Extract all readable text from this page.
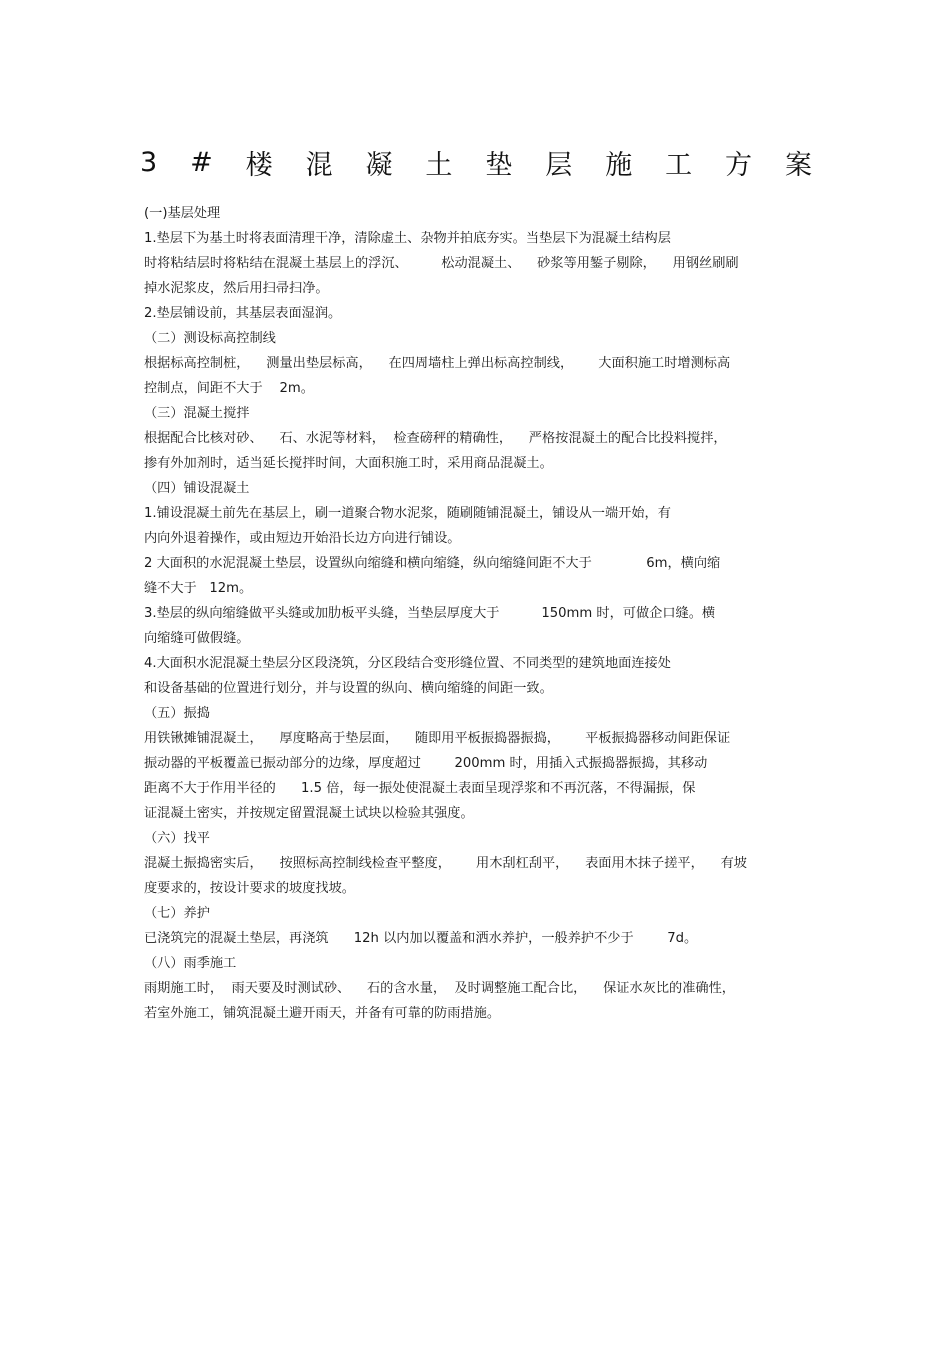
3 # 楼 混 凝 土 垫 层 施 工 方 案
(一)基层处理
1.垫层下为基土时将表面清理干净，清除虚土、杂物并拍底夯实。当垫层下为混凝土结构层
时将粘结层时将粘结在混凝土基层上的浮沉、        松动混凝土、    砂浆等用錾子剔除，    用钢丝刷刷
掉水泥浆皮，然后用扫帚扫净。
2.垫层铺设前，其基层表面湿润。
（二）测设标高控制线
根据标高控制桩，    测量出垫层标高，    在四周墙柱上弹出标高控制线，      大面积施工时增测标高
控制点，间距不大于    2m。
（三）混凝土搅拌
根据配合比核对砂、    石、水泥等材料，  检查磅秤的精确性，    严格按混凝土的配合比投料搅拌，
掺有外加剂时，适当延长搅拌时间，大面积施工时，采用商品混凝土。
（四）铺设混凝土
1.铺设混凝土前先在基层上，刷一道聚合物水泥浆，随刷随铺混凝土，铺设从一端开始，有
内向外退着操作，或由短边开始沿长边方向进行铺设。
2 大面积的水泥混凝土垫层，设置纵向缩缝和横向缩缝，纵向缩缝间距不大于             6m，横向缩
缝不大于   12m。
3.垫层的纵向缩缝做平头缝或加肋板平头缝，当垫层厚度大于          150mm 时，可做企口缝。横
向缩缝可做假缝。
4.大面积水泥混凝土垫层分区段浇筑，分区段结合变形缝位置、不同类型的建筑地面连接处
和设备基础的位置进行划分，并与设置的纵向、横向缩缝的间距一致。
（五）振捣
用铁锹摊铺混凝土，    厚度略高于垫层面，    随即用平板振捣器振捣，      平板振捣器移动间距保证
振动器的平板覆盖已振动部分的边缘，厚度超过        200mm 时，用插入式振捣器振捣，其移动
距离不大于作用半径的      1.5 倍，每一振处使混凝土表面呈现浮浆和不再沉落，不得漏振，保
证混凝土密实，并按规定留置混凝土试块以检验其强度。
（六）找平
混凝土振捣密实后，    按照标高控制线检查平整度，      用木刮杠刮平，    表面用木抹子搓平，    有坡
度要求的，按设计要求的坡度找坡。
（七）养护
已浇筑完的混凝土垫层，再浇筑      12h 以内加以覆盖和洒水养护，一般养护不少于        7d。
（八）雨季施工
雨期施工时，  雨天要及时测试砂、    石的含水量，  及时调整施工配合比，    保证水灰比的准确性，
若室外施工，铺筑混凝土避开雨天，并备有可靠的防雨措施。
